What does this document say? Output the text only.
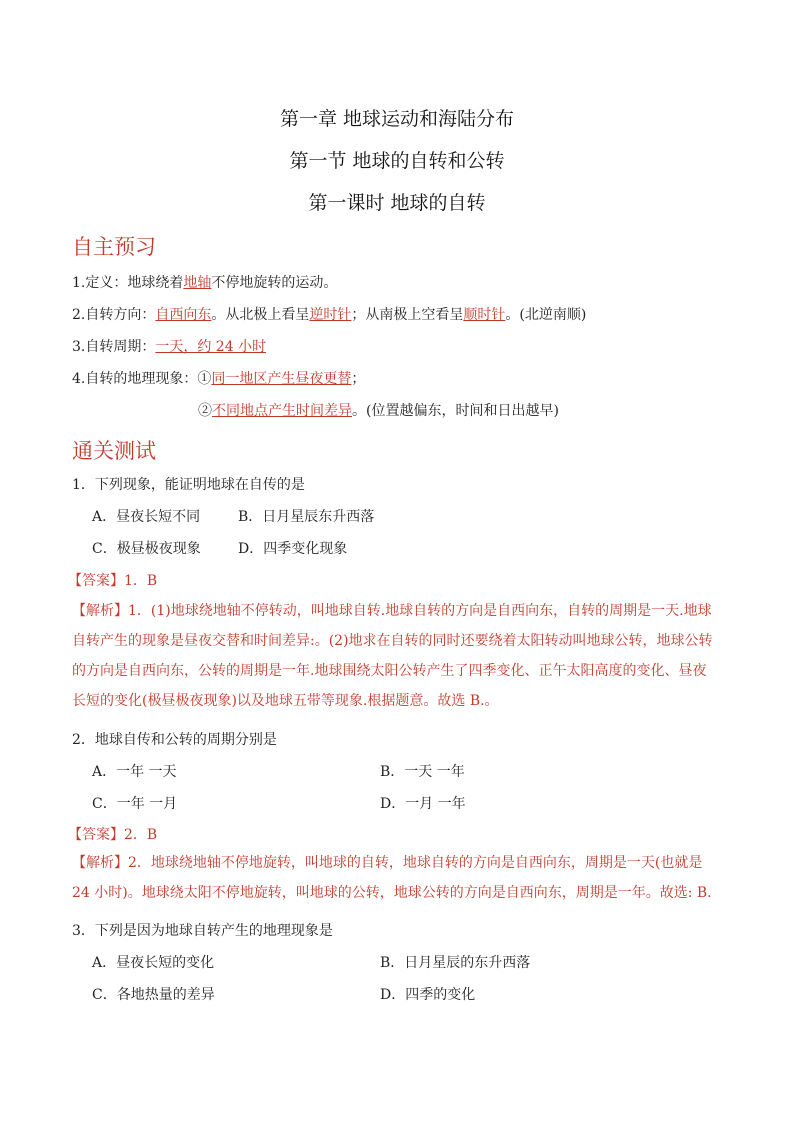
第一章 地球运动和海陆分布
第一节 地球的自转和公转
第一课时 地球的自转
自主预习
1.定义：地球绕着地轴不停地旋转的运动。
2.自转方向：自西向东。从北极上看呈逆时针；从南极上空看呈顺时针。(北逆南顺)
3.自转周期：一天，约 24 小时
4.自转的地理现象：①同一地区产生昼夜更替；
②不同地点产生时间差异。(位置越偏东，时间和日出越早)
通关测试
1．下列现象，能证明地球在自传的是
A．昼夜长短不同	B．日月星辰东升西落
C．极昼极夜现象	D．四季变化现象
【答案】1．B
【解析】1．(1)地球绕地轴不停转动，叫地球自转.地球自转的方向是自西向东，自转的周期是一天.地球自转产生的现象是昼夜交替和时间差异:。(2)地求在自转的同时还要绕着太阳转动叫地球公转，地球公转的方向是自西向东，公转的周期是一年.地球围绕太阳公转产生了四季变化、正午太阳高度的变化、昼夜长短的变化(极昼极夜现象)以及地球五带等现象.根据题意。故选 B.。
2．地球自传和公转的周期分别是
A．一年 一天	B．一天 一年
C．一年 一月	D．一月 一年
【答案】2．B
【解析】2．地球绕地轴不停地旋转，叫地球的自转，地球自转的方向是自西向东，周期是一天(也就是 24 小时)。地球绕太阳不停地旋转，叫地球的公转，地球公转的方向是自西向东，周期是一年。故选: B.
3．下列是因为地球自转产生的地理现象是
A．昼夜长短的变化	B．日月星辰的东升西落
C．各地热量的差异	D．四季的变化
